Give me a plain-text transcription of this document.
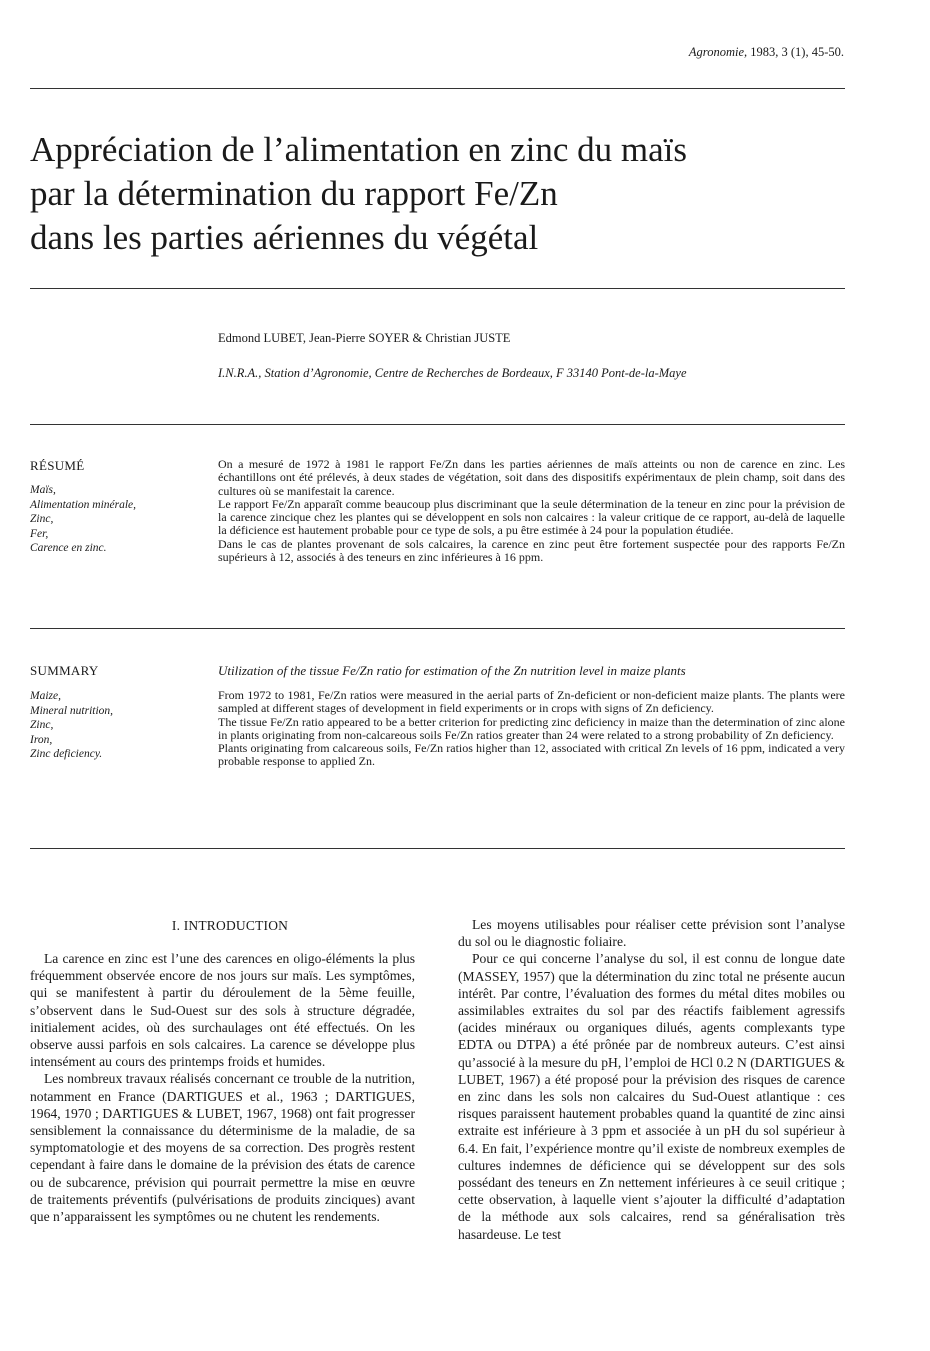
Agronomie, 1983, 3 (1), 45-50.
Appréciation de l’alimentation en zinc du maïs
par la détermination du rapport Fe/Zn
dans les parties aériennes du végétal
Edmond LUBET, Jean-Pierre SOYER & Christian JUSTE
I.N.R.A., Station d’Agronomie, Centre de Recherches de Bordeaux, F 33140 Pont-de-la-Maye
RÉSUMÉ
Maïs,
Alimentation minérale,
Zinc,
Fer,
Carence en zinc.

On a mesuré de 1972 à 1981 le rapport Fe/Zn dans les parties aériennes de maïs atteints ou non de carence en zinc. Les échantillons ont été prélevés, à deux stades de végétation, soit dans des dispositifs expérimentaux de plein champ, soit dans des cultures où se manifestait la carence.

Le rapport Fe/Zn apparaît comme beaucoup plus discriminant que la seule détermination de la teneur en zinc pour la prévision de la carence zincique chez les plantes qui se développent en sols non calcaires : la valeur critique de ce rapport, au-delà de laquelle la déficience est hautement probable pour ce type de sols, a pu être estimée à 24 pour la population étudiée.

Dans le cas de plantes provenant de sols calcaires, la carence en zinc peut être fortement suspectée pour des rapports Fe/Zn supérieurs à 12, associés à des teneurs en zinc inférieures à 16 ppm.

SUMMARY	Utilization of the tissue Fe/Zn ratio for estimation of the Zn nutrition level in maize plants
Maize,
Mineral nutrition,
Zinc,
Iron,
Zinc deficiency.

From 1972 to 1981, Fe/Zn ratios were measured in the aerial parts of Zn-deficient or non-deficient maize plants. The plants were sampled at different stages of development in field experiments or in crops with signs of Zn deficiency.

The tissue Fe/Zn ratio appeared to be a better criterion for predicting zinc deficiency in maize than the determination of zinc alone in plants originating from non-calcareous soils Fe/Zn ratios greater than 24 were related to a strong probability of Zn deficiency.

Plants originating from calcareous soils, Fe/Zn ratios higher than 12, associated with critical Zn levels of 16 ppm, indicated a very probable response to applied Zn.

I. INTRODUCTION

La carence en zinc est l’une des carences en oligo-éléments la plus fréquemment observée encore de nos jours sur maïs. Les symptômes, qui se manifestent à partir du déroulement de la 5ème feuille, s’observent dans le Sud-Ouest sur des sols à structure dégradée, initialement acides, où des surchaulages ont été effectués. On les observe aussi parfois en sols calcaires. La carence se développe plus intensément au cours des printemps froids et humides.

Les nombreux travaux réalisés concernant ce trouble de la nutrition, notamment en France (DARTIGUES et al., 1963 ; DARTIGUES, 1964, 1970 ; DARTIGUES & LUBET, 1967, 1968) ont fait progresser sensiblement la connaissance du déterminisme de la maladie, de sa symptomatologie et des moyens de sa correction. Des progrès restent cependant à faire dans le domaine de la prévision des états de carence ou de subcarence, prévision qui pourrait permettre la mise en œuvre de traitements préventifs (pulvérisations de produits zinciques) avant que n’apparaissent les symptômes ou ne chutent les rendements.

Les moyens utilisables pour réaliser cette prévision sont l’analyse du sol ou le diagnostic foliaire.

Pour ce qui concerne l’analyse du sol, il est connu de longue date (MASSEY, 1957) que la détermination du zinc total ne présente aucun intérêt. Par contre, l’évaluation des formes du métal dites mobiles ou assimilables extraites du sol par des réactifs faiblement agressifs (acides minéraux ou organiques dilués, agents complexants type EDTA ou DTPA) a été prônée par de nombreux auteurs. C’est ainsi qu’associé à la mesure du pH, l’emploi de HCl 0.2 N (DARTIGUES & LUBET, 1967) a été proposé pour la prévision des risques de carence en zinc dans les sols non calcaires du Sud-Ouest atlantique : ces risques paraissent hautement probables quand la quantité de zinc ainsi extraite est inférieure à 3 ppm et associée à un pH du sol supérieur à 6.4. En fait, l’expérience montre qu’il existe de nombreux exemples de cultures indemnes de déficience qui se développent sur des sols possédant des teneurs en Zn nettement inférieures à ce seuil critique ; cette observation, à laquelle vient s’ajouter la difficulté d’adaptation de la méthode aux sols calcaires, rend sa généralisation très hasardeuse. Le test
